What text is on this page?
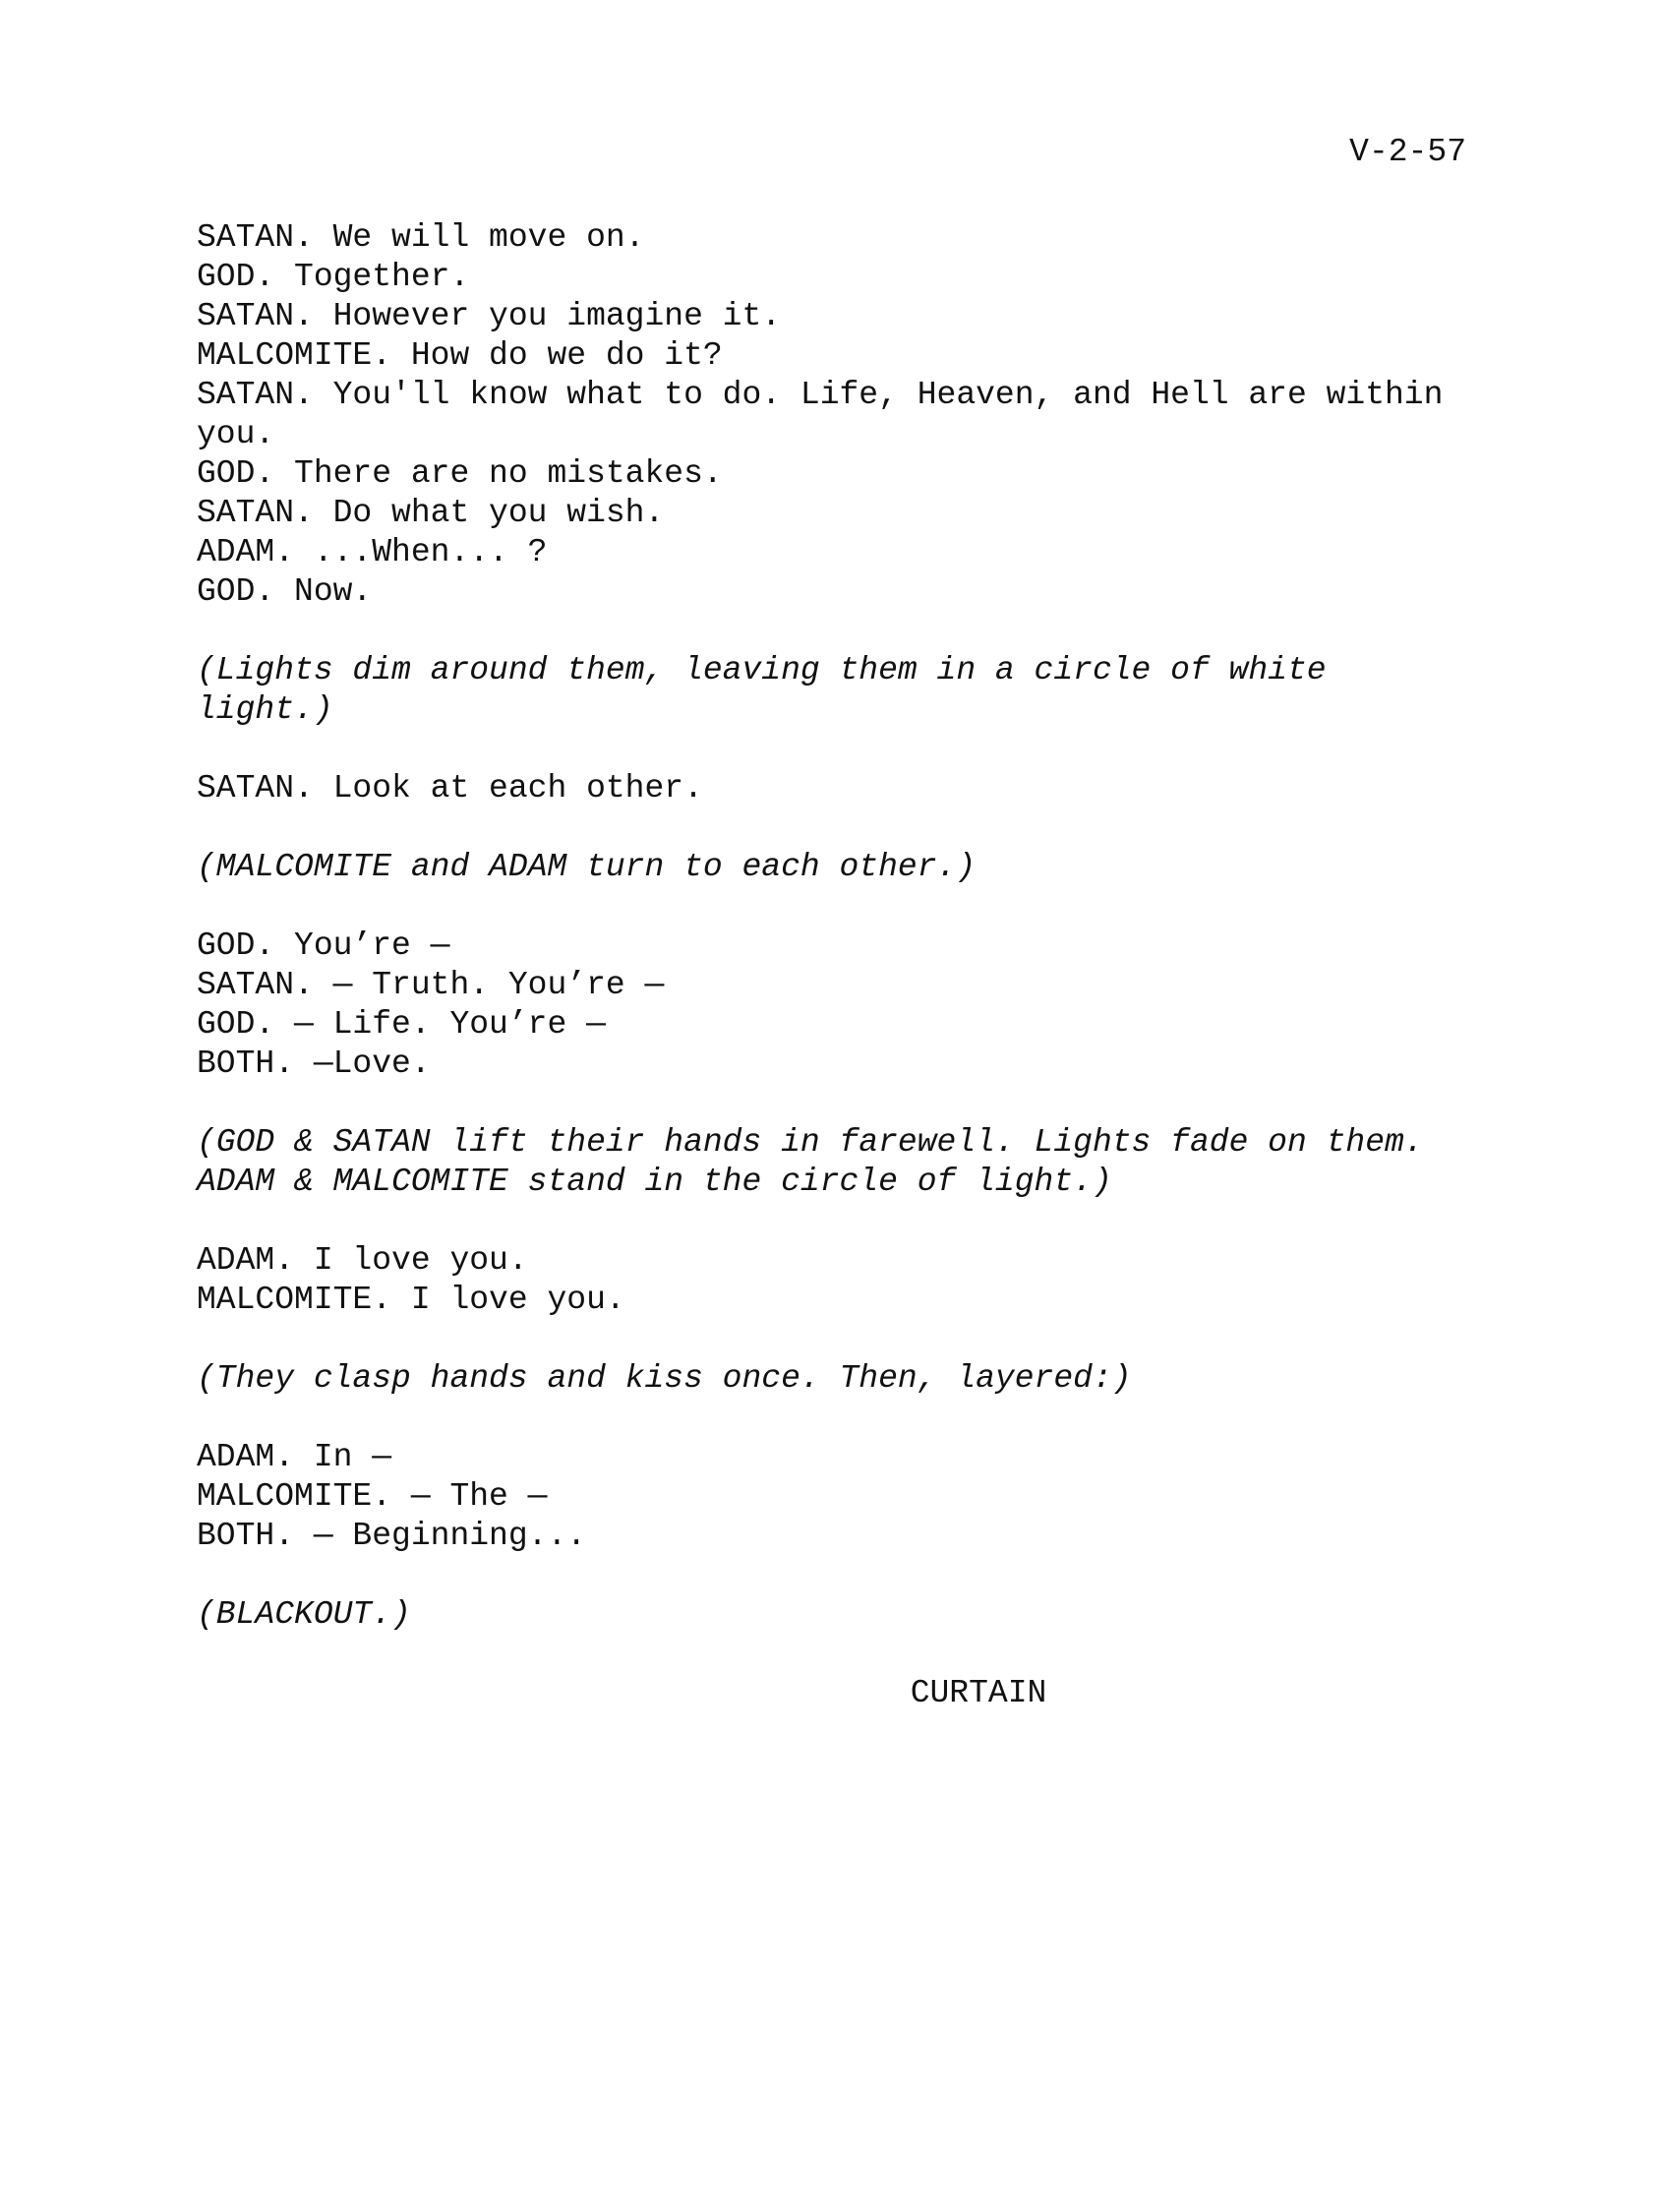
V-2-57
SATAN. We will move on.
GOD. Together.
SATAN. However you imagine it.
MALCOMITE. How do we do it?
SATAN. You'll know what to do. Life, Heaven, and Hell are within
you.
GOD. There are no mistakes.
SATAN. Do what you wish.
ADAM. ...When... ?
GOD. Now.
(Lights dim around them, leaving them in a circle of white
light.)
SATAN. Look at each other.
(MALCOMITE and ADAM turn to each other.)
GOD. You’re —
SATAN. — Truth. You’re —
GOD. — Life. You’re —
BOTH. —Love.
(GOD & SATAN lift their hands in farewell. Lights fade on them.
ADAM & MALCOMITE stand in the circle of light.)
ADAM. I love you.
MALCOMITE. I love you.
(They clasp hands and kiss once. Then, layered:)
ADAM. In —
MALCOMITE. — The —
BOTH. — Beginning...
(BLACKOUT.)
CURTAIN
